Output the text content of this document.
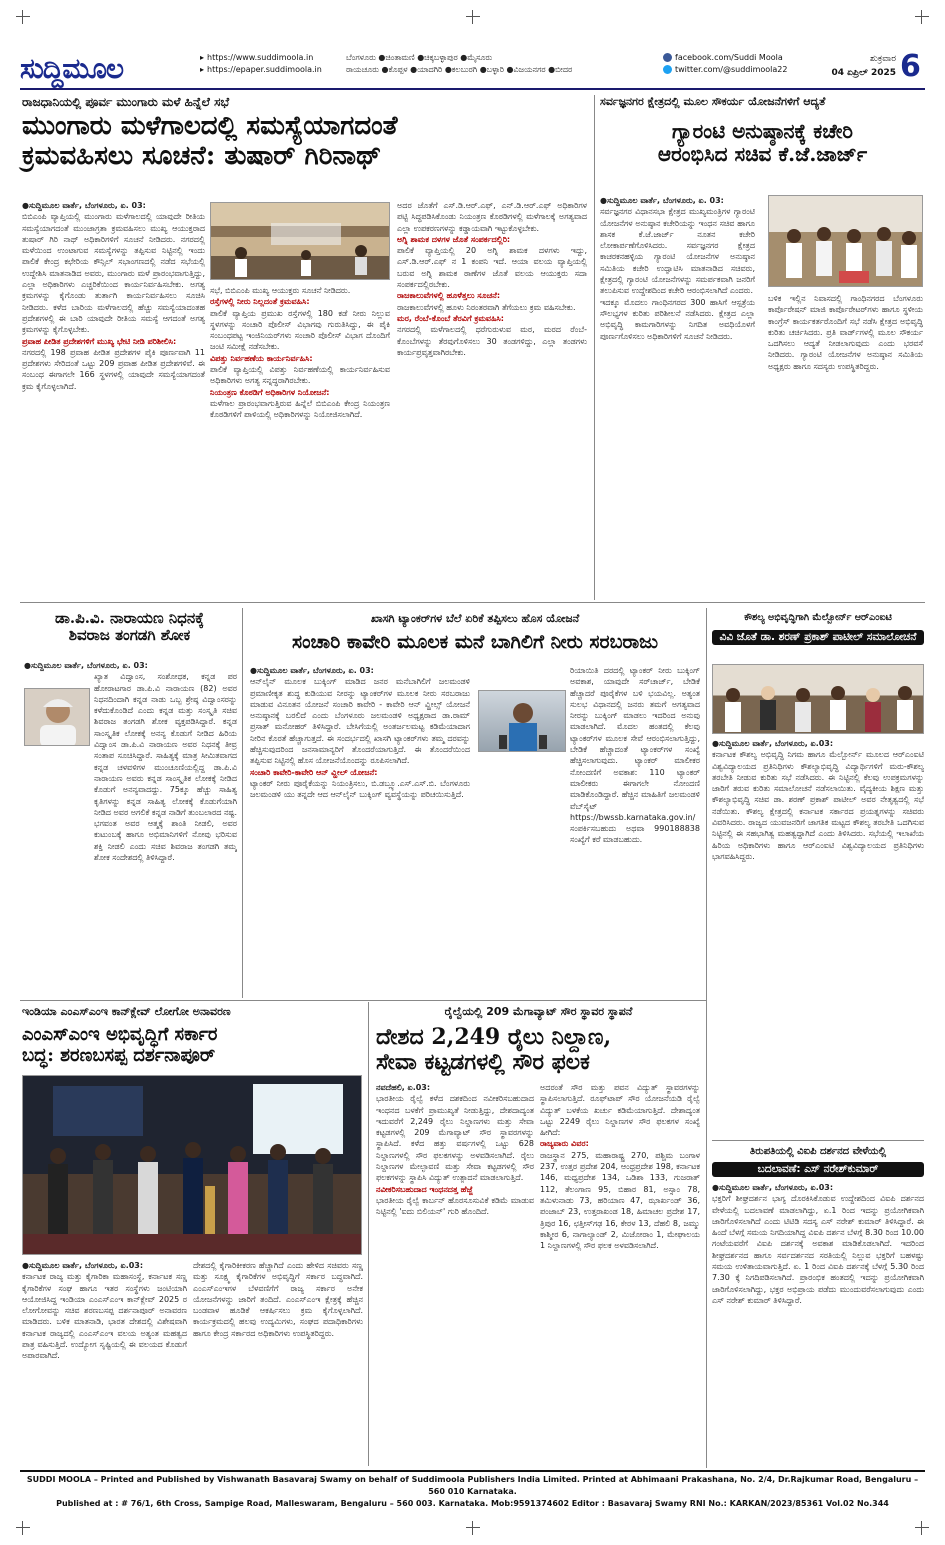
ಸುದ್ದಿಮೂಲ	▸ https://www.suddimoola.in
▸ https://epaper.suddimoola.in
ಬೆಂಗಳೂರು ●ಚಿಂತಾಮಣಿ ●ಚಿಕ್ಕಬಳ್ಳಾಪುರ ●ಮೈಸೂರು
ರಾಯಚೂರು ●ಕೊಪ್ಪಳ ●ಯಾದಗಿರಿ ●ಕಲಬುರಗಿ ●ಬಳ್ಳಾರಿ ●ವಿಜಯನಗರ ●ಬೀದರ
facebook.com/Suddi Moola
twitter.com/@suddimoola22
ಶುಕ್ರವಾರ
04 ಏಪ್ರಿಲ್ 2025 6
ರಾಜಧಾನಿಯಲ್ಲಿ ಪೂರ್ವ ಮುಂಗಾರು ಮಳೆ ಹಿನ್ನೆಲೆ ಸಭೆ
ಮುಂಗಾರು ಮಳೆಗಾಲದಲ್ಲಿ ಸಮಸ್ಯೆಯಾಗದಂತೆ
ಕ್ರಮವಹಿಸಲು ಸೂಚನೆ: ತುಷಾರ್ ಗಿರಿನಾಥ್

●ಸುದ್ದಿಮೂಲ ವಾರ್ತೆ, ಬೆಂಗಳೂರು, ಏ. 03:

ಬಿಬಿಎಂಪಿ ವ್ಯಾಪ್ತಿಯಲ್ಲಿ ಮುಂಗಾರು ಮಳೆಗಾಲದಲ್ಲಿ ಯಾವುದೇ ರೀತಿಯ ಸಮಸ್ಯೆಯಾಗದಂತೆ ಮುಂಜಾಗ್ರತಾ ಕ್ರಮವಹಿಸಲು ಮುಖ್ಯ ಆಯುಕ್ತರಾದ ತುಷಾರ್ ಗಿರಿ ನಾಥ್ ಅಧಿಕಾರಿಗಳಿಗೆ ಸೂಚನೆ ನೀಡಿದರು. ನಗರದಲ್ಲಿ ಮಳೆಯಿಂದ ಉಂಟಾಗುವ ಸಮಸ್ಯೆಗಳನ್ನು ತಪ್ಪಿಸುವ ನಿಟ್ಟಿನಲ್ಲಿ ಇಂದು ಪಾಲಿಕೆ ಕೇಂದ್ರ ಕಛೇರಿಯ ಕೌನ್ಸಿಲ್ ಸಭಾಂಗಣದಲ್ಲಿ ನಡೆದ ಸಭೆಯಲ್ಲಿ ಉದ್ದೇಶಿಸಿ ಮಾತನಾಡಿದ ಅವರು, ಮುಂಗಾರು ಮಳೆ ಪ್ರಾರಂಭವಾಗುತ್ತಿದ್ದು, ಎಲ್ಲಾ ಅಧಿಕಾರಿಗಳು ಎಚ್ಚರಿಕೆಯಿಂದ ಕಾರ್ಯನಿರ್ವಹಿಸಬೇಕು. ಅಗತ್ಯ ಕ್ರಮಗಳನ್ನು ಕೈಗೊಂಡು ತುರ್ತಾಗಿ ಕಾರ್ಯನಿರ್ವಹಿಸಲು ಸೂಚಿಸಿ ನೀಡಿದರು. ಕಳೆದ ಬಾರಿಯ ಮಳೆಗಾಲದಲ್ಲಿ ಹೆಚ್ಚು ಸಮಸ್ಯೆಯಾದಂತಹ ಪ್ರದೇಶಗಳಲ್ಲಿ ಈ ಬಾರಿ ಯಾವುದೇ ರೀತಿಯ ಸಮಸ್ಯೆ ಆಗದಂತೆ ಅಗತ್ಯ ಕ್ರಮಗಳನ್ನು ಕೈಗೊಳ್ಳಬೇಕು.

ಪ್ರವಾಹ ಪೀಡಿತ ಪ್ರದೇಶಗಳಿಗೆ ಮುಖ್ಯ ಭೇಟಿ ನೀಡಿ ಪರಿಶೀಲಿಸಿ:

ನಗರದಲ್ಲಿ 198 ಪ್ರವಾಹ ಪೀಡಿತ ಪ್ರದೇಶಗಳ ಪೈಕಿ ಪೂರ್ಣವಾಗಿ 11 ಪ್ರದೇಶಗಳು ಸೇರಿದಂತೆ ಒಟ್ಟು 209 ಪ್ರವಾಹ ಪೀಡಿತ ಪ್ರದೇಶಗಳಿವೆ. ಈ ಸಂಬಂಧ ಈಗಾಗಲೇ 166 ಸ್ಥಳಗಳಲ್ಲಿ ಯಾವುದೇ ಸಮಸ್ಯೆಯಾಗದಂತೆ ಕ್ರಮ ಕೈಗೊಳ್ಳಲಾಗಿದೆ.

ಸಭೆ, ಬಿಬಿಎಂಪಿ ಮುಖ್ಯ ಆಯುಕ್ತರು ಸೂಚನೆ ನೀಡಿದರು.

ರಸ್ತೆಗಳಲ್ಲಿ ನೀರು ನಿಲ್ಲದಂತೆ ಕ್ರಮವಹಿಸಿ:

ಪಾಲಿಕೆ ವ್ಯಾಪ್ತಿಯ ಪ್ರಮುಖ ರಸ್ತೆಗಳಲ್ಲಿ 180 ಕಡೆ ನೀರು ನಿಲ್ಲುವ ಸ್ಥಳಗಳನ್ನು ಸಂಚಾರಿ ಪೊಲೀಸ್ ವಿಭಾಗವು ಗುರುತಿಸಿದ್ದು, ಈ ಪೈಕಿ ಸಂಬಂಧಪಟ್ಟ ಇಂಜಿನಿಯರ್‌ಗಳು ಸಂಚಾರಿ ಪೊಲೀಸ್ ವಿಭಾಗ ದೊಂದಿಗೆ ಜಂಟಿ ಸಮೀಕ್ಷೆ ನಡೆಸಬೇಕು.

ವಿಪತ್ತು ನಿರ್ವಹಣೆಯ ಕಾರ್ಯನಿರ್ವಹಿಸಿ:

ಪಾಲಿಕೆ ವ್ಯಾಪ್ತಿಯಲ್ಲಿ ವಿಪತ್ತು ನಿರ್ವಹಣೆಯಲ್ಲಿ ಕಾರ್ಯನಿರ್ವಹಿಸುವ ಅಧಿಕಾರಿಗಳು ಅಗತ್ಯ ಸನ್ನದ್ಧರಾಗಿರಬೇಕು.

ನಿಯಂತ್ರಣ ಕೊಠಡಿಗೆ ಅಧಿಕಾರಿಗಳ ನಿಯೋಜನೆ:

ಮಳೆಗಾಲ ಪ್ರಾರಂಭವಾಗುತ್ತಿರುವ ಹಿನ್ನೆಲೆ ಬಿಬಿಎಂಪಿ ಕೇಂದ್ರ ನಿಯಂತ್ರಣ ಕೊಠಡಿಗಳಿಗೆ ಪಾಳಿಯಲ್ಲಿ ಅಧಿಕಾರಿಗಳನ್ನು ನಿಯೋಜಿಸಲಾಗಿದೆ.

ಅದರ ಜೊತೆಗೆ ಎಸ್.ಡಿ.ಆರ್.ಎಫ್, ಎನ್.ಡಿ.ಆರ್.ಎಫ್ ಅಧಿಕಾರಿಗಳ ಪಟ್ಟಿ ಸಿದ್ಧಪಡಿಸಿಕೊಂಡು ನಿಯಂತ್ರಣ ಕೊಠಡಿಗಳಲ್ಲಿ ಮಳೆಗಾಲಕ್ಕೆ ಅಗತ್ಯವಾದ ಎಲ್ಲಾ ಉಪಕರಣಗಳನ್ನು ಕಡ್ಡಾಯವಾಗಿ ಇಟ್ಟುಕೊಳ್ಳಬೇಕು.

ಅಗ್ನಿ ಶಾಮಕ ದಳಗಳ ಜೊತೆ ಸಂಪರ್ಕದಲ್ಲಿರಿ:

ಪಾಲಿಕೆ ವ್ಯಾಪ್ತಿಯಲ್ಲಿ 20 ಅಗ್ನಿ ಶಾಮಕ ದಳಗಳು ಇದ್ದು, ಎಸ್.ಡಿ.ಆರ್.ಎಫ್ ನ 1 ಕಂಪನಿ ಇದೆ. ಆಯಾ ವಲಯ ವ್ಯಾಪ್ತಿಯಲ್ಲಿ ಬರುವ ಅಗ್ನಿ ಶಾಮಕ ಠಾಣೆಗಳ ಜೊತೆ ವಲಯ ಆಯುಕ್ತರು ಸದಾ ಸಂಪರ್ಕದಲ್ಲಿರಬೇಕು.

ರಾಜಕಾಲುವೆಗಳಲ್ಲಿ ಹೂಳೆತ್ತಲು ಸೂಚನೆ:

ರಾಜಕಾಲುವೆಗಳಲ್ಲಿ ಹೂಳು ನಿರಂತರವಾಗಿ ತೆಗೆಯಲು ಕ್ರಮ ವಹಿಸಬೇಕು.

ಮರ, ರೆಂಬೆ-ಕೊಂಬೆ ತೆರವಿಗೆ ಕ್ರಮವಹಿಸಿ:

ನಗರದಲ್ಲಿ ಮಳೆಗಾಲದಲ್ಲಿ ಧರೆಗುರುಳುವ ಮರ, ಮರದ ರೆಂಬೆ-ಕೊಂಬೆಗಳನ್ನು ತೆರವುಗೊಳಿಸಲು 30 ತಂಡಗಳಿದ್ದು, ಎಲ್ಲಾ ತಂಡಗಳು ಕಾರ್ಯಪ್ರವೃತ್ತವಾಗಿರಬೇಕು.

ಸರ್ವಜ್ಞನಗರ ಕ್ಷೇತ್ರದಲ್ಲಿ ಮೂಲ ಸೌಕರ್ಯ ಯೋಜನೆಗಳಿಗೆ ಆದ್ಯತೆ
ಗ್ಯಾರಂಟಿ ಅನುಷ್ಠಾನಕ್ಕೆ ಕಚೇರಿ
ಆರಂಭಿಸಿದ ಸಚಿವ ಕೆ.ಜೆ.ಜಾರ್ಜ್

●ಸುದ್ದಿಮೂಲ ವಾರ್ತೆ, ಬೆಂಗಳೂರು, ಏ. 03:

ಸರ್ವಜ್ಞನಗರ ವಿಧಾನಸಭಾ ಕ್ಷೇತ್ರದ ಮುಖ್ಯಮಂತ್ರಿಗಳ ಗ್ಯಾರಂಟಿ ಯೋಜನೆಗಳ ಅನುಷ್ಠಾನ ಕಚೇರಿಯನ್ನು ಇಂಧನ ಸಚಿವ ಹಾಗೂ ಶಾಸಕ ಕೆ.ಜೆ.ಜಾರ್ಜ್ ನೂತನ ಕಚೇರಿ ಲೋಕಾರ್ಪಣೆಗೊಳಿಸಿದರು. ಸರ್ವಜ್ಞನಗರ ಕ್ಷೇತ್ರದ ಕಾಚರಕನಹಳ್ಳಿಯ ಗ್ಯಾರಂಟಿ ಯೋಜನೆಗಳ ಅನುಷ್ಠಾನ ಸಮಿತಿಯ ಕಚೇರಿ ಉದ್ಘಾಟಿಸಿ ಮಾತನಾಡಿದ ಸಚಿವರು, ಕ್ಷೇತ್ರದಲ್ಲಿ ಗ್ಯಾರಂಟಿ ಯೋಜನೆಗಳನ್ನು ಸಮರ್ಪಕವಾಗಿ ಜನರಿಗೆ ತಲುಪಿಸುವ ಉದ್ದೇಶದಿಂದ ಕಚೇರಿ ಆರಂಭಿಸಲಾಗಿದೆ ಎಂದರು.

ಇದಕ್ಕೂ ಮೊದಲು ಗಾಂಧಿನಗರದ 300 ಹಾಸಿಗೆ ಆಸ್ಪತ್ರೆಯ ಸೌಲಭ್ಯಗಳ ಕುರಿತು ಪರಿಶೀಲನೆ ನಡೆಸಿದರು. ಕ್ಷೇತ್ರದ ಎಲ್ಲಾ ಅಭಿವೃದ್ಧಿ ಕಾಮಗಾರಿಗಳನ್ನು ನಿಗದಿತ ಅವಧಿಯೊಳಗೆ ಪೂರ್ಣಗೊಳಿಸಲು ಅಧಿಕಾರಿಗಳಿಗೆ ಸೂಚನೆ ನೀಡಿದರು.

ಬಳಿಕ ಇಲ್ಲಿನ ನಿವಾಸದಲ್ಲಿ ಗಾಂಧಿನಗರದ ಬೆಂಗಳೂರು ಕಾರ್ಪೊರೇಷನ್ ಮಾಜಿ ಕಾರ್ಪೊರೇಟರ್‌ಗಳು ಹಾಗೂ ಸ್ಥಳೀಯ ಕಾಂಗ್ರೆಸ್ ಕಾರ್ಯಕರ್ತರೊಂದಿಗೆ ಸಭೆ ನಡೆಸಿ ಕ್ಷೇತ್ರದ ಅಭಿವೃದ್ಧಿ ಕುರಿತು ಚರ್ಚಿಸಿದರು. ಪ್ರತಿ ವಾರ್ಡ್‌ಗಳಲ್ಲಿ ಮೂಲ ಸೌಕರ್ಯ ಒದಗಿಸಲು ಆದ್ಯತೆ ನೀಡಲಾಗುವುದು ಎಂದು ಭರವಸೆ ನೀಡಿದರು. ಗ್ಯಾರಂಟಿ ಯೋಜನೆಗಳ ಅನುಷ್ಠಾನ ಸಮಿತಿಯ ಅಧ್ಯಕ್ಷರು ಹಾಗೂ ಸದಸ್ಯರು ಉಪಸ್ಥಿತರಿದ್ದರು.

ಡಾ.ಪಿ.ವಿ. ನಾರಾಯಣ ನಿಧನಕ್ಕೆ
ಶಿವರಾಜ ತಂಗಡಗಿ ಶೋಕ

●ಸುದ್ದಿಮೂಲ ವಾರ್ತೆ, ಬೆಂಗಳೂರು, ಏ. 03:

ಖ್ಯಾತ ವಿದ್ವಾಂಸ, ಸಂಶೋಧಕ, ಕನ್ನಡ ಪರ ಹೋರಾಟಗಾರ ಡಾ.ಪಿ.ವಿ ನಾರಾಯಣ (82) ಅವರ ನಿಧನದಿಂದಾಗಿ ಕನ್ನಡ ನಾಡು ಒಬ್ಬ ಶ್ರೇಷ್ಠ ವಿದ್ವಾಂಸರನ್ನು ಕಳೆದುಕೊಂಡಿದೆ ಎಂದು ಕನ್ನಡ ಮತ್ತು ಸಂಸ್ಕೃತಿ ಸಚಿವ ಶಿವರಾಜ ತಂಗಡಗಿ ಶೋಕ ವ್ಯಕ್ತಪಡಿಸಿದ್ದಾರೆ. ಕನ್ನಡ ಸಾಂಸ್ಕೃತಿಕ ಲೋಕಕ್ಕೆ ಅನನ್ಯ ಕೊಡುಗೆ ನೀಡಿದ ಹಿರಿಯ ವಿದ್ವಾಂಸ ಡಾ.ಪಿ.ವಿ ನಾರಾಯಣ ಅವರ ನಿಧನಕ್ಕೆ ತೀವ್ರ ಸಂತಾಪ ಸೂಚಿಸಿದ್ದಾರೆ. ಸಾಹಿತ್ಯಕ್ಕೆ ಮಾತ್ರ ಸೀಮಿತವಾಗದ ಕನ್ನಡ ಚಳವಳಿಗಳ ಮುಂಚೂಣಿಯಲ್ಲಿದ್ದ ಡಾ.ಪಿ.ವಿ ನಾರಾಯಣ ಅವರು ಕನ್ನಡ ಸಾಂಸ್ಕೃತಿಕ ಲೋಕಕ್ಕೆ ನೀಡಿದ ಕೊಡುಗೆ ಅನನ್ಯವಾದದ್ದು. 75ಕ್ಕೂ ಹೆಚ್ಚು ಸಾಹಿತ್ಯ ಕೃತಿಗಳನ್ನು ಕನ್ನಡ ಸಾಹಿತ್ಯ ಲೋಕಕ್ಕೆ ಕೊಡುಗೆಯಾಗಿ ನೀಡಿದ ಅವರ ಅಗಲಿಕೆ ಕನ್ನಡ ನಾಡಿಗೆ ತುಂಬಲಾರದ ನಷ್ಟ. ಭಗವಂತ ಅವರ ಆತ್ಮಕ್ಕೆ ಶಾಂತಿ ನೀಡಲಿ, ಅವರ ಕುಟುಂಬಕ್ಕೆ ಹಾಗೂ ಅಭಿಮಾನಿಗಳಿಗೆ ನೋವು ಭರಿಸುವ ಶಕ್ತಿ ನೀಡಲಿ ಎಂದು ಸಚಿವ ಶಿವರಾಜ ತಂಗಡಗಿ ತಮ್ಮ ಶೋಕ ಸಂದೇಶದಲ್ಲಿ ತಿಳಿಸಿದ್ದಾರೆ.

ಖಾಸಗಿ ಟ್ಯಾಂಕರ್‌ಗಳ ಬೆಲೆ ಏರಿಕೆ ತಪ್ಪಿಸಲು ಹೊಸ ಯೋಜನೆ
ಸಂಚಾರಿ ಕಾವೇರಿ ಮೂಲಕ ಮನೆ ಬಾಗಿಲಿಗೆ ನೀರು ಸರಬರಾಜು

●ಸುದ್ದಿಮೂಲ ವಾರ್ತೆ, ಬೆಂಗಳೂರು, ಏ. 03:

ಆನ್‌ಲೈನ್ ಮೂಲಕ ಬುಕ್ಕಿಂಗ್ ಮಾಡಿದ ಜನರ ಮನೆಬಾಗಿಲಿಗೆ ಜಲಮಂಡಳಿ ಪ್ರಮಾಣೀಕೃತ ಶುದ್ಧ ಕುಡಿಯುವ ನೀರನ್ನು ಟ್ಯಾಂಕರ್‌ಗಳ ಮೂಲಕ ನೀರು ಸರಬರಾಜು ಮಾಡುವ ವಿನೂತನ ಯೋಜನೆ ಸಂಚಾರಿ ಕಾವೇರಿ - ಕಾವೇರಿ ಆನ್ ವ್ಹೀಲ್ಸ್ ಯೋಜನೆ ಅನುಷ್ಠಾನಕ್ಕೆ ಬರಲಿದೆ ಎಂದು ಬೆಂಗಳೂರು ಜಲಮಂಡಳಿ ಅಧ್ಯಕ್ಷರಾದ ಡಾ.ರಾಮ್ ಪ್ರಸಾತ್ ಮನೋಹರ್ ತಿಳಿಸಿದ್ದಾರೆ. ಬೇಸಿಗೆಯಲ್ಲಿ ಅಂತರ್ಜಲಮಟ್ಟ ಕಡಿಮೆಯಾದಾಗ ನೀರಿನ ಕೊರತೆ ಹೆಚ್ಚಾಗುತ್ತದೆ. ಈ ಸಂದರ್ಭದಲ್ಲಿ ಖಾಸಗಿ ಟ್ಯಾಂಕರ್‌ಗಳು ತಮ್ಮ ದರವನ್ನು ಹೆಚ್ಚಿಸುವುದರಿಂದ ಜನಸಾಮಾನ್ಯರಿಗೆ ತೊಂದರೆಯಾಗುತ್ತಿದೆ. ಈ ತೊಂದರೆಯಿಂದ ತಪ್ಪಿಸುವ ನಿಟ್ಟಿನಲ್ಲಿ ಹೊಸ ಯೋಜನೆಯೊಂದನ್ನು ರೂಪಿಸಲಾಗಿದೆ.

ಸಂಚಾರಿ ಕಾವೇರಿ-ಕಾವೇರಿ ಆನ್ ವ್ಹೀಲ್ ಯೋಜನೆ:

ಟ್ಯಾಂಕರ್ ನೀರು ಪೂರೈಕೆಯನ್ನು ನಿಯಂತ್ರಿಸಲು, ಬಿ.ಡಬ್ಲ್ಯೂ.ಎಸ್.ಎಸ್.ಬಿ. ಬೆಂಗಳೂರು ಜಲಮಂಡಳಿ ಯು ತನ್ನದೇ ಆದ ಆನ್‌ಲೈನ್ ಬುಕ್ಕಿಂಗ್ ವ್ಯವಸ್ಥೆಯನ್ನು ಪರಿಚಯಿಸುತ್ತಿದೆ.

ರಿಯಾಯಿತಿ ದರದಲ್ಲಿ ಟ್ಯಾಂಕರ್ ನೀರು ಬುಕ್ಕಿಂಗ್ ಅವಕಾಶ, ಯಾವುದೇ ಸರ್‌ಚಾರ್ಜ್, ಬೇಡಿಕೆ ಹೆಚ್ಚಾದರೆ ಪೂರೈಕೆಗಳ ಬಳಿ ಭಯವಿಲ್ಲ. ಅತ್ಯಂತ ಸುಲಭ ವಿಧಾನದಲ್ಲಿ ಜನರು ತಮಗೆ ಅಗತ್ಯವಾದ ನೀರನ್ನು ಬುಕ್ಕಿಂಗ್ ಮಾಡಲು ಇದರಿಂದ ಅನುವು ಮಾಡಲಾಗಿದೆ. ಮೊದಲ ಹಂತದಲ್ಲಿ ಕೆಲವು ಟ್ಯಾಂಕರ್‌ಗಳ ಮೂಲಕ ಸೇವೆ ಆರಂಭಿಸಲಾಗುತ್ತಿದ್ದು, ಬೇಡಿಕೆ ಹೆಚ್ಚಾದಂತೆ ಟ್ಯಾಂಕರ್‌ಗಳ ಸಂಖ್ಯೆ ಹೆಚ್ಚಿಸಲಾಗುವುದು. ಟ್ಯಾಂಕರ್ ಮಾಲೀಕರ ನೋಂದಣಿಗೆ ಅವಕಾಶ: 110 ಟ್ಯಾಂಕರ್ ಮಾಲೀಕರು ಈಗಾಗಲೇ ನೋಂದಣಿ ಮಾಡಿಕೊಂಡಿದ್ದಾರೆ. ಹೆಚ್ಚಿನ ಮಾಹಿತಿಗೆ ಜಲಮಂಡಳಿ ವೆಬ್‌ಸೈಟ್ https://bwssb.karnataka.gov.in/ ಸಂಪರ್ಕಿಸಬಹುದು ಅಥವಾ 990188838 ಸಂಖ್ಯೆಗೆ ಕರೆ ಮಾಡಬಹುದು.

ಕೌಶಲ್ಯ ಅಭಿವೃದ್ಧಿಗಾಗಿ ಮೆಲ್ಬೋರ್ನ್ ಆರ್‌ಎಂಐಟಿ
ವಿವಿ ಜೊತೆ ಡಾ. ಶರಣ್ ಪ್ರಕಾಶ್ ಪಾಟೀಲ್ ಸಮಾಲೋಚನೆ

●ಸುದ್ದಿಮೂಲ ವಾರ್ತೆ, ಬೆಂಗಳೂರು, ಏ.03:

ಕರ್ನಾಟಕ ಕೌಶಲ್ಯ ಅಭಿವೃದ್ಧಿ ನಿಗಮ ಹಾಗೂ ಮೆಲ್ಬೋರ್ನ್ ಮೂಲದ ಆರ್‌ಎಂಐಟಿ ವಿಶ್ವವಿದ್ಯಾಲಯದ ಪ್ರತಿನಿಧಿಗಳು ಕೌಶಲ್ಯಾಭಿವೃದ್ಧಿ ವಿದ್ಯಾರ್ಥಿಗಳಿಗೆ ಮರು-ಕೌಶಲ್ಯ ತರಬೇತಿ ನೀಡುವ ಕುರಿತು ಸಭೆ ನಡೆಸಿದರು. ಈ ನಿಟ್ಟಿನಲ್ಲಿ ಕೆಲವು ಉಪಕ್ರಮಗಳನ್ನು ಜಾರಿಗೆ ತರುವ ಕುರಿತು ಸಮಾಲೋಚನೆ ನಡೆಸಲಾಯಿತು. ವೈದ್ಯಕೀಯ ಶಿಕ್ಷಣ ಮತ್ತು ಕೌಶಲ್ಯಾಭಿವೃದ್ಧಿ ಸಚಿವ ಡಾ. ಶರಣ್ ಪ್ರಕಾಶ್ ಪಾಟೀಲ್ ಅವರ ನೇತೃತ್ವದಲ್ಲಿ ಸಭೆ ನಡೆಯಿತು. ಕೌಶಲ್ಯ ಕ್ಷೇತ್ರದಲ್ಲಿ ಕರ್ನಾಟಕ ಸರ್ಕಾರದ ಪ್ರಯತ್ನಗಳನ್ನು ಸಚಿವರು ವಿವರಿಸಿದರು. ರಾಜ್ಯದ ಯುವಜನರಿಗೆ ಜಾಗತಿಕ ಮಟ್ಟದ ಕೌಶಲ್ಯ ತರಬೇತಿ ಒದಗಿಸುವ ನಿಟ್ಟಿನಲ್ಲಿ ಈ ಸಹಭಾಗಿತ್ವ ಮಹತ್ವದ್ದಾಗಿದೆ ಎಂದು ತಿಳಿಸಿದರು. ಸಭೆಯಲ್ಲಿ ಇಲಾಖೆಯ ಹಿರಿಯ ಅಧಿಕಾರಿಗಳು ಹಾಗೂ ಆರ್‌ಎಂಐಟಿ ವಿಶ್ವವಿದ್ಯಾಲಯದ ಪ್ರತಿನಿಧಿಗಳು ಭಾಗವಹಿಸಿದ್ದರು.

ಇಂಡಿಯಾ ಎಂಎಸ್‌ಎಂಇ ಕಾನ್‌ಕ್ಲೇವ್ ಲೋಗೋ ಅನಾವರಣ
ಎಂಎಸ್‌ಎಂಇ ಅಭಿವೃದ್ಧಿಗೆ ಸರ್ಕಾರ
ಬದ್ಧ: ಶರಣಬಸಪ್ಪ ದರ್ಶನಾಪೂರ್

●ಸುದ್ದಿಮೂಲ ವಾರ್ತೆ, ಬೆಂಗಳೂರು, ಏ.03:

ಕರ್ನಾಟಕ ರಾಜ್ಯ ಮತ್ತು ಕೈಗಾರಿಕಾ ಮಹಾಸಂಸ್ಥೆ, ಕರ್ನಾಟಕ ಸಣ್ಣ ಕೈಗಾರಿಕೆಗಳ ಸಂಘ ಹಾಗೂ ಇತರ ಸಂಸ್ಥೆಗಳು ಜಂಟಿಯಾಗಿ ಆಯೋಜಿಸಿದ್ದ ಇಂಡಿಯಾ ಎಂಎಸ್‌ಎಂಇ ಕಾನ್‌ಕ್ಲೇವ್ 2025 ರ ಲೋಗೋವನ್ನು ಸಚಿವ ಶರಣಬಸಪ್ಪ ದರ್ಶನಾಪೂರ್ ಅನಾವರಣ ಮಾಡಿದರು. ಬಳಿಕ ಮಾತನಾಡಿ, ಭಾರತ ದೇಶದಲ್ಲಿ ವಿಶೇಷವಾಗಿ ಕರ್ನಾಟಕ ರಾಜ್ಯದಲ್ಲಿ ಎಂಎಸ್‌ಎಂಇ ವಲಯ ಅತ್ಯಂತ ಮಹತ್ವದ ಪಾತ್ರ ವಹಿಸುತ್ತಿದೆ. ಉದ್ಯೋಗ ಸೃಷ್ಟಿಯಲ್ಲಿ ಈ ವಲಯದ ಕೊಡುಗೆ ಅಪಾರವಾಗಿದೆ.

ದೇಶದಲ್ಲಿ ಕೈಗಾರಿಕೀಕರಣ ಹೆಚ್ಚಾಗಿದೆ ಎಂದು ಹೇಳಿದ ಸಚಿವರು ಸಣ್ಣ ಮತ್ತು ಸೂಕ್ಷ್ಮ ಕೈಗಾರಿಕೆಗಳ ಅಭಿವೃದ್ಧಿಗೆ ಸರ್ಕಾರ ಬದ್ಧವಾಗಿದೆ. ಎಂಎಸ್‌ಎಂಇಗಳ ಬೆಳವಣಿಗೆಗೆ ರಾಜ್ಯ ಸರ್ಕಾರ ಅನೇಕ ಯೋಜನೆಗಳನ್ನು ಜಾರಿಗೆ ತಂದಿದೆ. ಎಂಎಸ್‌ಎಂಇ ಕ್ಷೇತ್ರಕ್ಕೆ ಹೆಚ್ಚಿನ ಬಂಡವಾಳ ಹೂಡಿಕೆ ಆಕರ್ಷಿಸಲು ಕ್ರಮ ಕೈಗೊಳ್ಳಲಾಗಿದೆ. ಕಾರ್ಯಕ್ರಮದಲ್ಲಿ ಹಲವು ಉದ್ಯಮಿಗಳು, ಸಂಘದ ಪದಾಧಿಕಾರಿಗಳು ಹಾಗೂ ಕೇಂದ್ರ ಸರ್ಕಾರದ ಅಧಿಕಾರಿಗಳು ಉಪಸ್ಥಿತರಿದ್ದರು.

ರೈಲ್ವೆಯಲ್ಲಿ 209 ಮೆಗಾವ್ಯಾಟ್ ಸೌರ ಸ್ಥಾವರ ಸ್ಥಾಪನೆ
ದೇಶದ 2,249 ರೈಲು ನಿಲ್ದಾಣ,
ಸೇವಾ ಕಟ್ಟಡಗಳಲ್ಲಿ ಸೌರ ಫಲಕ

ನವದೆಹಲಿ, ಏ.03:

ಭಾರತೀಯ ರೈಲ್ವೆ ಕಳೆದ ದಶಕದಿಂದ ನವೀಕರಿಸಬಹುದಾದ ಇಂಧನದ ಬಳಕೆಗೆ ಪ್ರಾಮುಖ್ಯತೆ ನೀಡುತ್ತಿದ್ದು, ದೇಶದಾದ್ಯಂತ ಇದುವರೆಗೆ 2,249 ರೈಲು ನಿಲ್ದಾಣಗಳು ಮತ್ತು ಸೇವಾ ಕಟ್ಟಡಗಳಲ್ಲಿ 209 ಮೆಗಾವ್ಯಾಟ್ ಸೌರ ಸ್ಥಾವರಗಳನ್ನು ಸ್ಥಾಪಿಸಿದೆ. ಕಳೆದ ಹತ್ತು ವರ್ಷಗಳಲ್ಲಿ ಒಟ್ಟು 628 ನಿಲ್ದಾಣಗಳಲ್ಲಿ ಸೌರ ಫಲಕಗಳನ್ನು ಅಳವಡಿಸಲಾಗಿದೆ. ರೈಲು ನಿಲ್ದಾಣಗಳ ಮೇಲ್ಛಾವಣಿ ಮತ್ತು ಸೇವಾ ಕಟ್ಟಡಗಳಲ್ಲಿ ಸೌರ ಫಲಕಗಳನ್ನು ಸ್ಥಾಪಿಸಿ ವಿದ್ಯುತ್ ಉತ್ಪಾದನೆ ಮಾಡಲಾಗುತ್ತಿದೆ.

ನವೀಕರಿಸಬಹುದಾದ ಇಂಧನದತ್ತ ಹೆಜ್ಜೆ

ಭಾರತೀಯ ರೈಲ್ವೆ ಕಾರ್ಬನ್ ಹೊರಸೂಸುವಿಕೆ ಕಡಿಮೆ ಮಾಡುವ ನಿಟ್ಟಿನಲ್ಲಿ 'ಐದು ಬಿಲಿಯನ್' ಗುರಿ ಹೊಂದಿದೆ.

ಅದರಂತೆ ಸೌರ ಮತ್ತು ಪವನ ವಿದ್ಯುತ್ ಸ್ಥಾವರಗಳನ್ನು ಸ್ಥಾಪಿಸಲಾಗುತ್ತಿದೆ. ರೂಫ್‌ಟಾಪ್ ಸೌರ ಯೋಜನೆಯಡಿ ರೈಲ್ವೆ ವಿದ್ಯುತ್ ಬಳಕೆಯ ಖರ್ಚು ಕಡಿಮೆಯಾಗುತ್ತಿದೆ. ದೇಶಾದ್ಯಂತ ಒಟ್ಟು 2249 ರೈಲು ನಿಲ್ದಾಣಗಳ ಸೌರ ಫಲಕಗಳ ಸಂಖ್ಯೆ ಹೀಗಿದೆ:

ರಾಜ್ಯವಾರು ವಿವರ:

ರಾಜಸ್ಥಾನ 275, ಮಹಾರಾಷ್ಟ್ರ 270, ಪಶ್ಚಿಮ ಬಂಗಾಳ 237, ಉತ್ತರ ಪ್ರದೇಶ 204, ಆಂಧ್ರಪ್ರದೇಶ 198, ಕರ್ನಾಟಕ 146, ಮಧ್ಯಪ್ರದೇಶ 134, ಒಡಿಶಾ 133, ಗುಜರಾತ್ 112, ತೆಲಂಗಾಣ 95, ಬಿಹಾರ 81, ಅಸ್ಸಾಂ 78, ತಮಿಳುನಾಡು 73, ಹರಿಯಾಣ 47, ಝಾರ್ಖಂಡ್ 36, ಪಂಜಾಬ್ 23, ಉತ್ತರಾಖಂಡ 18, ಹಿಮಾಚಲ ಪ್ರದೇಶ 17, ತ್ರಿಪುರ 16, ಛತ್ತೀಸ್‌ಗಢ 16, ಕೇರಳ 13, ದೆಹಲಿ 8, ಜಮ್ಮು ಕಾಶ್ಮೀರ 6, ನಾಗಾಲ್ಯಾಂಡ್ 2, ಮಿಜೋರಾಂ 1, ಮೇಘಾಲಯ 1 ನಿಲ್ದಾಣಗಳಲ್ಲಿ ಸೌರ ಫಲಕ ಅಳವಡಿಸಲಾಗಿದೆ.

ತಿರುಪತಿಯಲ್ಲಿ ವಿಐಪಿ ದರ್ಶನದ ವೇಳೆಯಲ್ಲಿ
ಬದಲಾವಣೆ: ಎಸ್ ನರೇಶ್‌ಕುಮಾರ್

●ಸುದ್ದಿಮೂಲ ವಾರ್ತೆ, ಬೆಂಗಳೂರು, ಏ.03:

ಭಕ್ತರಿಗೆ ಶೀಘ್ರದರ್ಶನ ಭಾಗ್ಯ ದೊರಕಿಸಿಕೊಡುವ ಉದ್ದೇಶದಿಂದ ವಿಐಪಿ ದರ್ಶನದ ವೇಳೆಯಲ್ಲಿ ಬದಲಾವಣೆ ಮಾಡಲಾಗಿದ್ದು, ಏ.1 ರಿಂದ ಇದನ್ನು ಪ್ರಯೋಗಿಕವಾಗಿ ಜಾರಿಗೊಳಿಸಲಾಗಿದೆ ಎಂದು ಟಿಟಿಡಿ ಸದಸ್ಯ ಎಸ್ ನರೇಶ್ ಕುಮಾರ್ ತಿಳಿಸಿದ್ದಾರೆ. ಈ ಹಿಂದೆ ಬೆಳಗ್ಗೆ ಸಮಯ ನಿಗದಿಯಾಗಿದ್ದ ವಿಐಪಿ ದರ್ಶನ ಬೆಳಗ್ಗೆ 8.30 ರಿಂದ 10.00 ಗಂಟೆಯವರೆಗೆ ವಿಐಪಿ ದರ್ಶನಕ್ಕೆ ಅವಕಾಶ ಮಾಡಿಕೊಡಲಾಗಿದೆ. ಇದರಿಂದ ಶೀಘ್ರದರ್ಶನದ ಹಾಗೂ ಸರ್ವದರ್ಶನದ ಸರತಿಯಲ್ಲಿ ನಿಲ್ಲುವ ಭಕ್ತರಿಗೆ ಬಹಳಷ್ಟು ಸಮಯ ಉಳಿತಾಯವಾಗುತ್ತಿದೆ. ಏ. 1 ರಿಂದ ವಿಐಪಿ ದರ್ಶನಕ್ಕೆ ಬೆಳಗ್ಗೆ 5.30 ರಿಂದ 7.30 ಕ್ಕೆ ನಿಗದಿಪಡಿಸಲಾಗಿದೆ. ಪ್ರಾರಂಭಿಕ ಹಂತದಲ್ಲಿ ಇದನ್ನು ಪ್ರಯೋಗಿಕವಾಗಿ ಜಾರಿಗೊಳಿಸಲಾಗಿದ್ದು, ಭಕ್ತರ ಅಭಿಪ್ರಾಯ ಪಡೆದು ಮುಂದುವರೆಸಲಾಗುವುದು ಎಂದು ಎಸ್ ನರೇಶ್ ಕುಮಾರ್ ತಿಳಿಸಿದ್ದಾರೆ.

SUDDI MOOLA – Printed and Published by Vishwanath Basavaraj Swamy on behalf of Suddimoola Publishers India Limited. Printed at Abhimaani Prakashana, No. 2/4, Dr.Rajkumar Road, Bengaluru – 560 010 Karnataka.
Published at : # 76/1, 6th Cross, Sampige Road, Malleswaram, Bengaluru – 560 003. Karnataka. Mob:9591374602 Editor : Basavaraj Swamy RNI No.: KARKAN/2023/85361 Vol.02 No.344
